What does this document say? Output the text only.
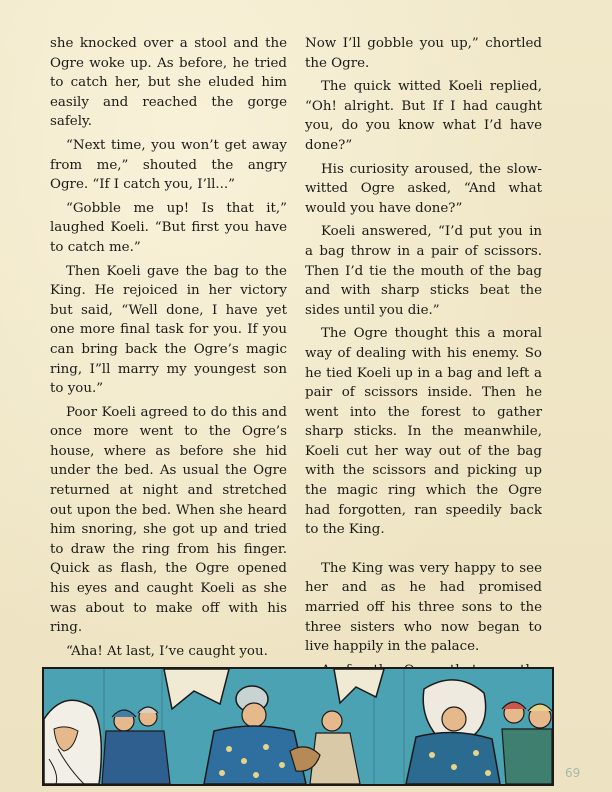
she knocked over a stool and the Ogre woke up. As before, he tried to catch her, but she eluded him easily and reached the gorge safely.

“Next time, you won’t get away from me,” shouted the angry Ogre. “If I catch you, I’ll...”

“Gobble me up! Is that it,” laughed Koeli. “But first you have to catch me.”

Then Koeli gave the bag to the King. He rejoiced in her victory but said, “Well done, I have yet one more final task for you. If you can bring back the Ogre’s magic ring, I”ll marry my youngest son to you.”

Poor Koeli agreed to do this and once more went to the Ogre’s house, where as before she hid under the bed. As usual the Ogre returned at night and stretched out upon the bed. When she heard him snoring, she got up and tried to draw the ring from his finger. Quick as flash, the Ogre opened his eyes and caught Koeli as she was about to make off with his ring.

“Aha! At last, I’ve caught you.

Now I’ll gobble you up,” chortled the Ogre.

The quick witted Koeli replied, “Oh! alright. But If I had caught you, do you know what I’d have done?”

His curiosity aroused, the slow-witted Ogre asked, “And what would you have done?”

Koeli answered, “I’d put you in a bag throw in a pair of scissors. Then I’d tie the mouth of the bag and with sharp sticks beat the sides until you die.”

The Ogre thought this a moral way of dealing with his enemy. So he tied Koeli up in a bag and left a pair of scissors inside. Then he went into the forest to gather sharp sticks. In the meanwhile, Koeli cut her way out of the bag with the scissors and picking up the magic ring which the Ogre had forgotten, ran speedily back to the King.

The King was very happy to see her and as he had promised married off his three sons to the three sisters who now began to live happily in the palace.

69
